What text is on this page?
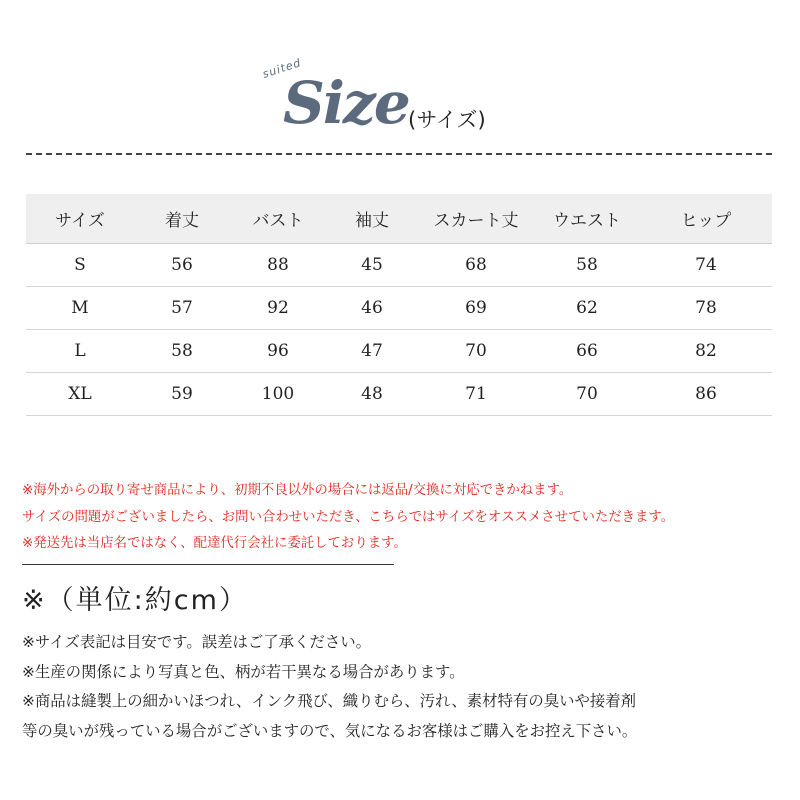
suited
Size (サイズ)
サイズ	着丈	バスト	袖丈	スカート丈	ウエスト	ヒップ
S	56	88	45	68	58	74
M	57	92	46	69	62	78
L	58	96	47	70	66	82
XL	59	100	48	71	70	86
※海外からの取り寄せ商品により、初期不良以外の場合には返品/交換に対応できかねます。
サイズの問題がございましたら、お問い合わせいただき、こちらではサイズをオススメさせていただきます。
※発送先は当店名ではなく、配達代行会社に委託しております。
※（単位:約cm）
※サイズ表記は目安です。誤差はご了承ください。
※生産の関係により写真と色、柄が若干異なる場合があります。
※商品は縫製上の細かいほつれ、インク飛び、織りむら、汚れ、素材特有の臭いや接着剤
等の臭いが残っている場合がございますので、気になるお客様はご購入をお控え下さい。
